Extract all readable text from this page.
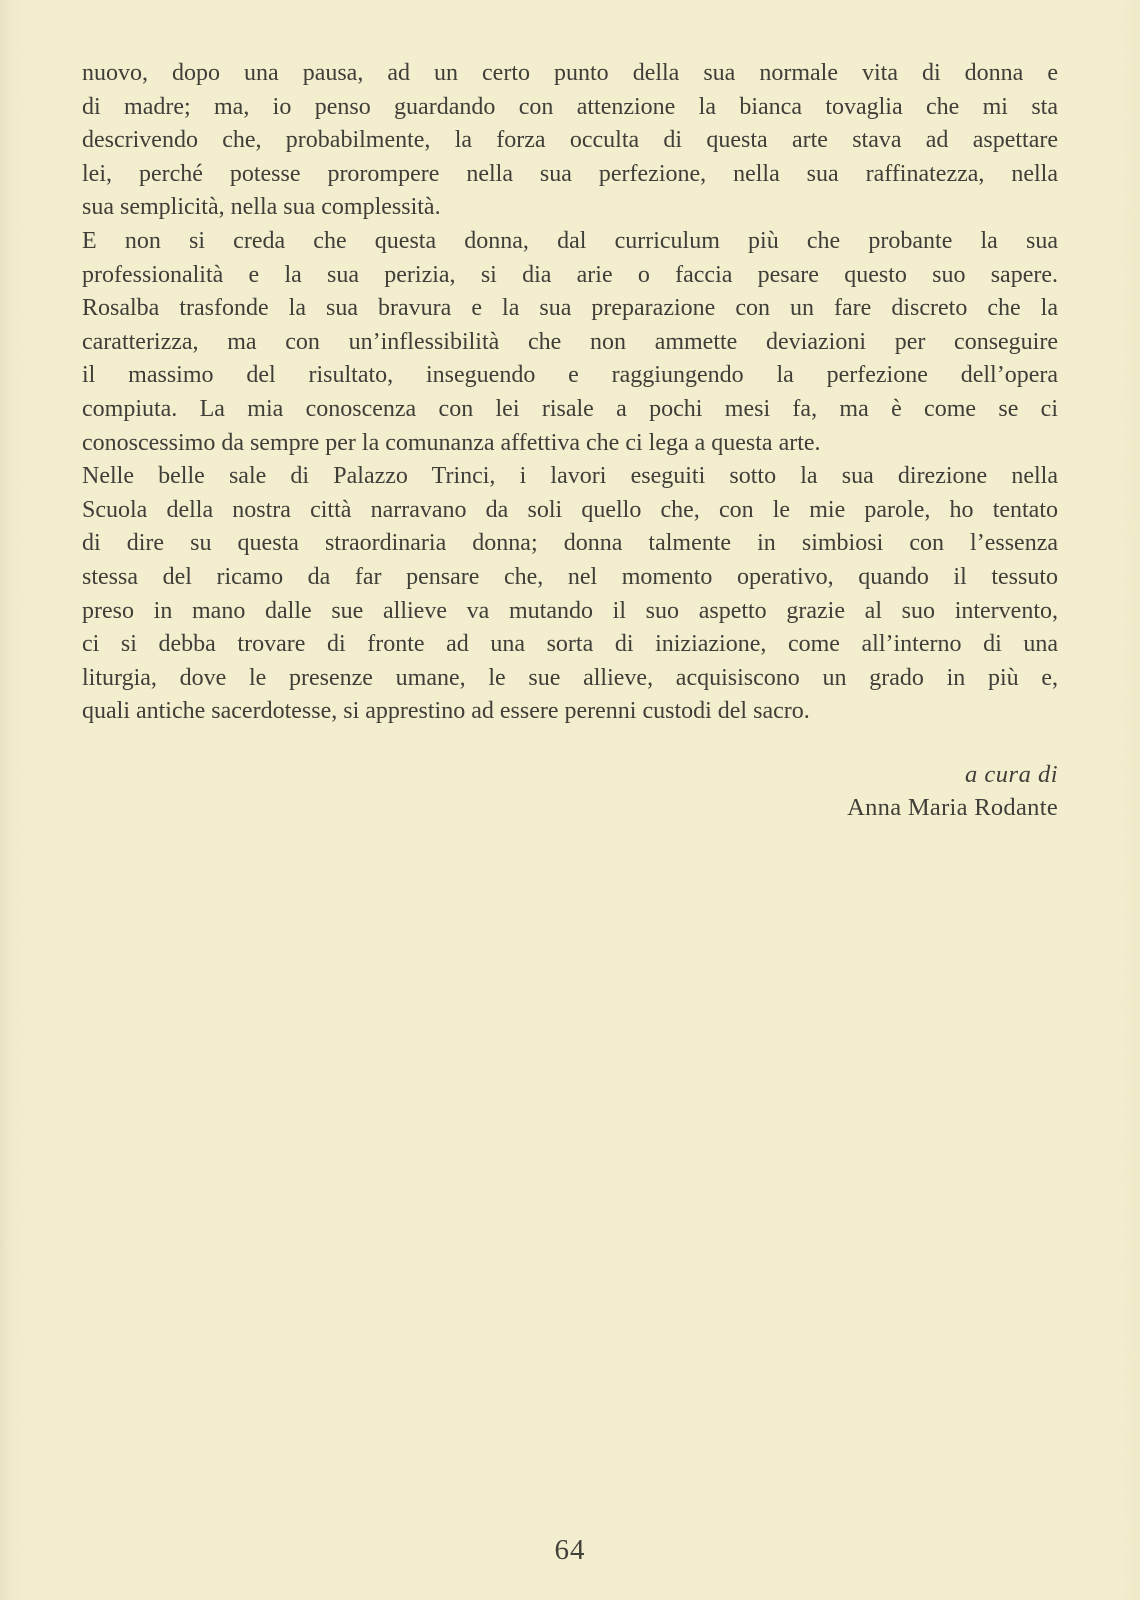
nuovo, dopo una pausa, ad un certo punto della sua normale vita di donna e
di madre; ma, io penso guardando con attenzione la bianca tovaglia che mi sta
descrivendo che, probabilmente, la forza occulta di questa arte stava ad aspettare
lei, perché potesse prorompere nella sua perfezione, nella sua raffinatezza, nella
sua semplicità, nella sua complessità.
E non si creda che questa donna, dal curriculum più che probante la sua
professionalità e la sua perizia, si dia arie o faccia pesare questo suo sapere.
Rosalba trasfonde la sua bravura e la sua preparazione con un fare discreto che la
caratterizza, ma con un’inflessibilità che non ammette deviazioni per conseguire
il massimo del risultato, inseguendo e raggiungendo la perfezione dell’opera
compiuta. La mia conoscenza con lei risale a pochi mesi fa, ma è come se ci
conoscessimo da sempre per la comunanza affettiva che ci lega a questa arte.
Nelle belle sale di Palazzo Trinci, i lavori eseguiti sotto la sua direzione nella
Scuola della nostra città narravano da soli quello che, con le mie parole, ho tentato
di dire su questa straordinaria donna; donna talmente in simbiosi con l’essenza
stessa del ricamo da far pensare che, nel momento operativo, quando il tessuto
preso in mano dalle sue allieve va mutando il suo aspetto grazie al suo intervento,
ci si debba trovare di fronte ad una sorta di iniziazione, come all’interno di una
liturgia, dove le presenze umane, le sue allieve, acquisiscono un grado in più e,
quali antiche sacerdotesse, si apprestino ad essere perenni custodi del sacro.
a cura di
Anna Maria Rodante
64
